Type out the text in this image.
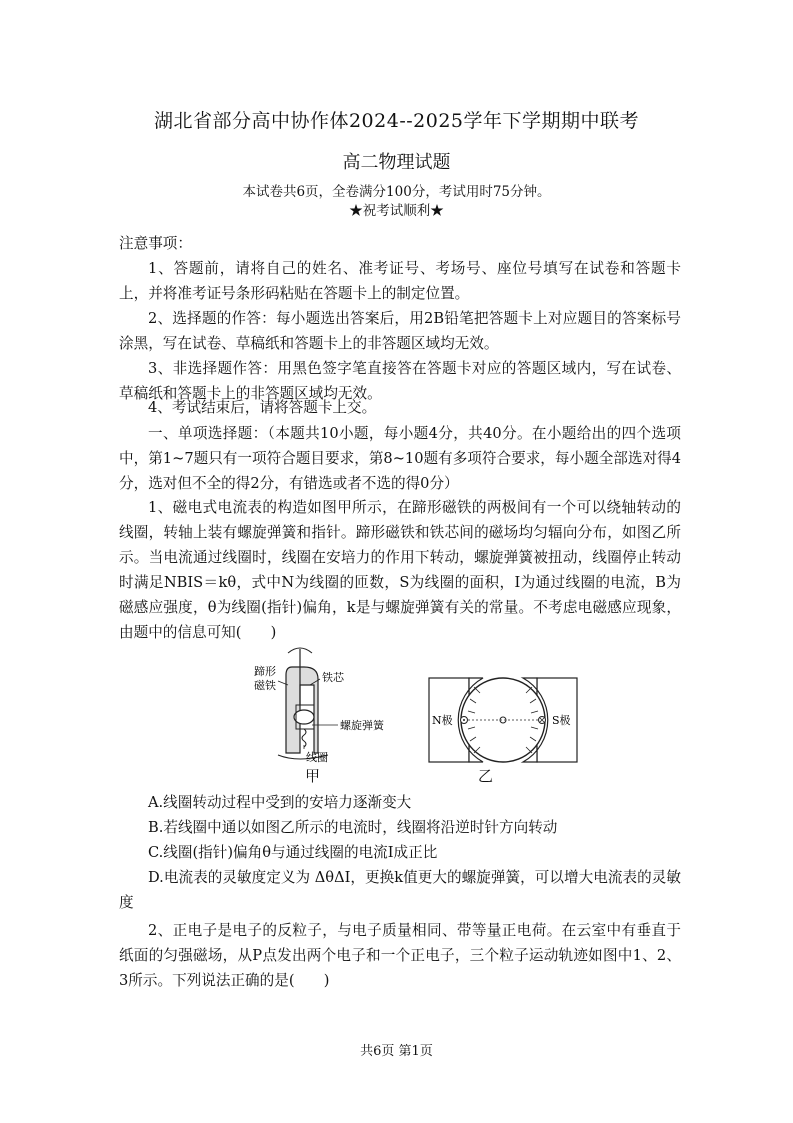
湖北省部分高中协作体2024--2025学年下学期期中联考
高二物理试题
本试卷共6页，全卷满分100分，考试用时75分钟。
★祝考试顺利★
注意事项：
1、答题前，请将自己的姓名、准考证号、考场号、座位号填写在试卷和答题卡上，并将准考证号条形码粘贴在答题卡上的制定位置。
2、选择题的作答：每小题选出答案后，用2B铅笔把答题卡上对应题目的答案标号涂黑，写在试卷、草稿纸和答题卡上的非答题区域均无效。
3、非选择题作答：用黑色签字笔直接答在答题卡对应的答题区域内，写在试卷、草稿纸和答题卡上的非答题区域均无效。
4、考试结束后，请将答题卡上交。
一、单项选择题：（本题共10小题，每小题4分，共40分。在小题给出的四个选项中，第1~7题只有一项符合题目要求，第8~10题有多项符合要求，每小题全部选对得4分，选对但不全的得2分，有错选或者不选的得0分）
1、磁电式电流表的构造如图甲所示，在蹄形磁铁的两极间有一个可以绕轴转动的线圈，转轴上装有螺旋弹簧和指针。蹄形磁铁和铁芯间的磁场均匀辐向分布，如图乙所示。当电流通过线圈时，线圈在安培力的作用下转动，螺旋弹簧被扭动，线圈停止转动时满足NBIS＝kθ，式中N为线圈的匝数，S为线圈的面积，I为通过线圈的电流，B为磁感应强度，θ为线圈(指针)偏角，k是与螺旋弹簧有关的常量。不考虑电磁感应现象，由题中的信息可知(　　)
蹄形
磁铁
铁芯
螺旋弹簧
线圈
N极	S极
甲	乙
A.线圈转动过程中受到的安培力逐渐变大
B.若线圈中通以如图乙所示的电流时，线圈将沿逆时针方向转动
C.线圈(指针)偏角θ与通过线圈的电流I成正比
D.电流表的灵敏度定义为 ΔθΔI，更换k值更大的螺旋弹簧，可以增大电流表的灵敏度
2、正电子是电子的反粒子，与电子质量相同、带等量正电荷。在云室中有垂直于纸面的匀强磁场，从P点发出两个电子和一个正电子，三个粒子运动轨迹如图中1、2、3所示。下列说法正确的是(　　)
共6页 第1页
